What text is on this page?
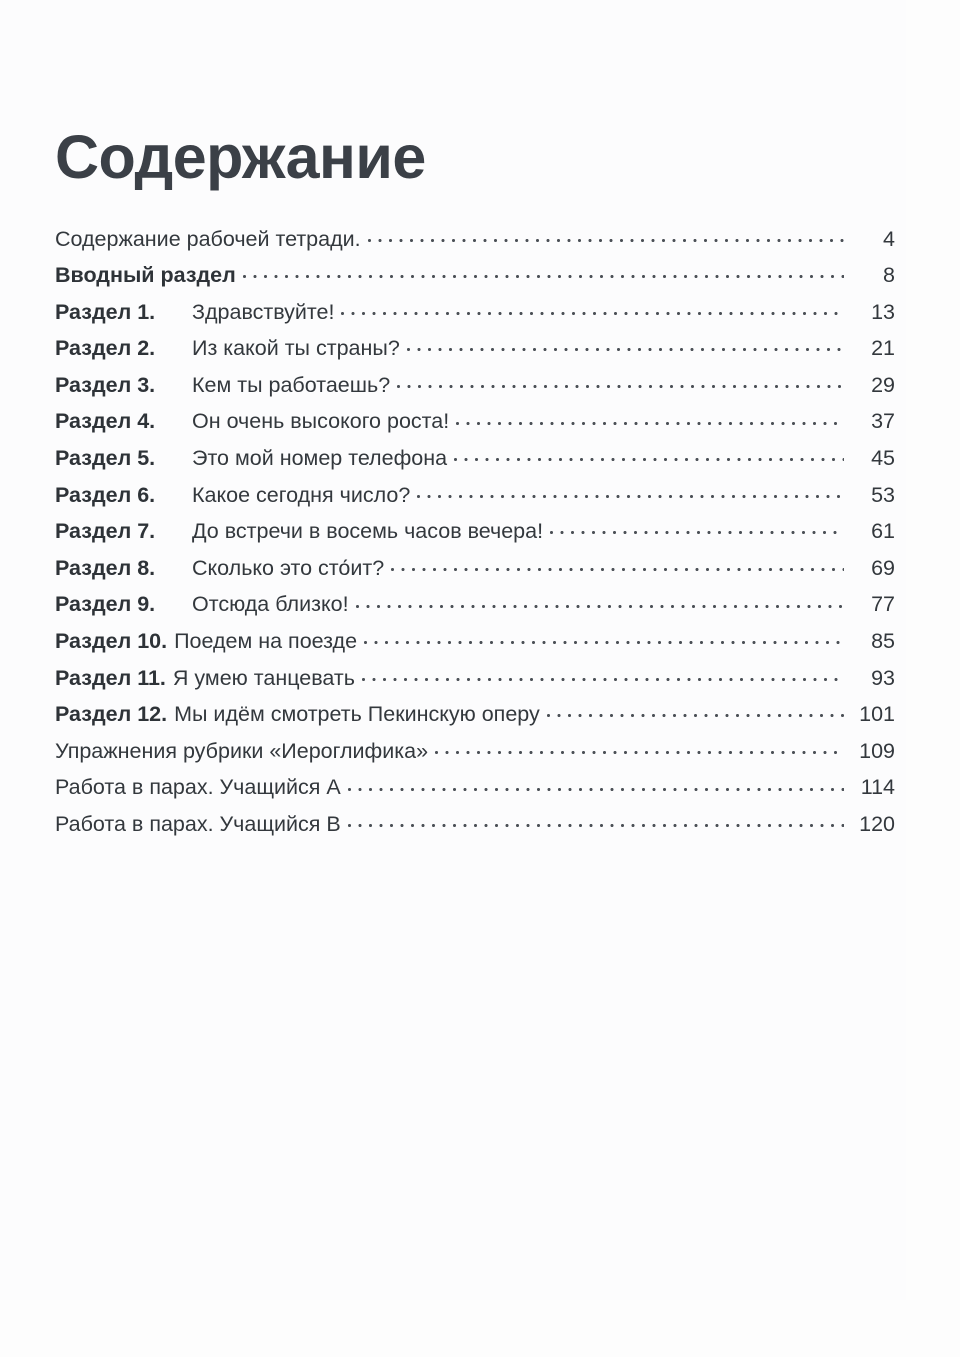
Содержание
Содержание рабочей тетради.	4
Вводный раздел	8
Раздел 1.	Здравствуйте!	13
Раздел 2.	Из какой ты страны?	21
Раздел 3.	Кем ты работаешь?	29
Раздел 4.	Он очень высокого роста!	37
Раздел 5.	Это мой номер телефона	45
Раздел 6.	Какое сегодня число?	53
Раздел 7.	До встречи в восемь часов вечера!	61
Раздел 8.	Сколько это сто́ит?	69
Раздел 9.	Отсюда близко!	77
Раздел 10. Поедем на поезде	85
Раздел 11. Я умею танцевать	93
Раздел 12. Мы идём смотреть Пекинскую оперу	101
Упражнения рубрики «Иероглифика»	109
Работа в парах. Учащийся А	114
Работа в парах. Учащийся В	120
